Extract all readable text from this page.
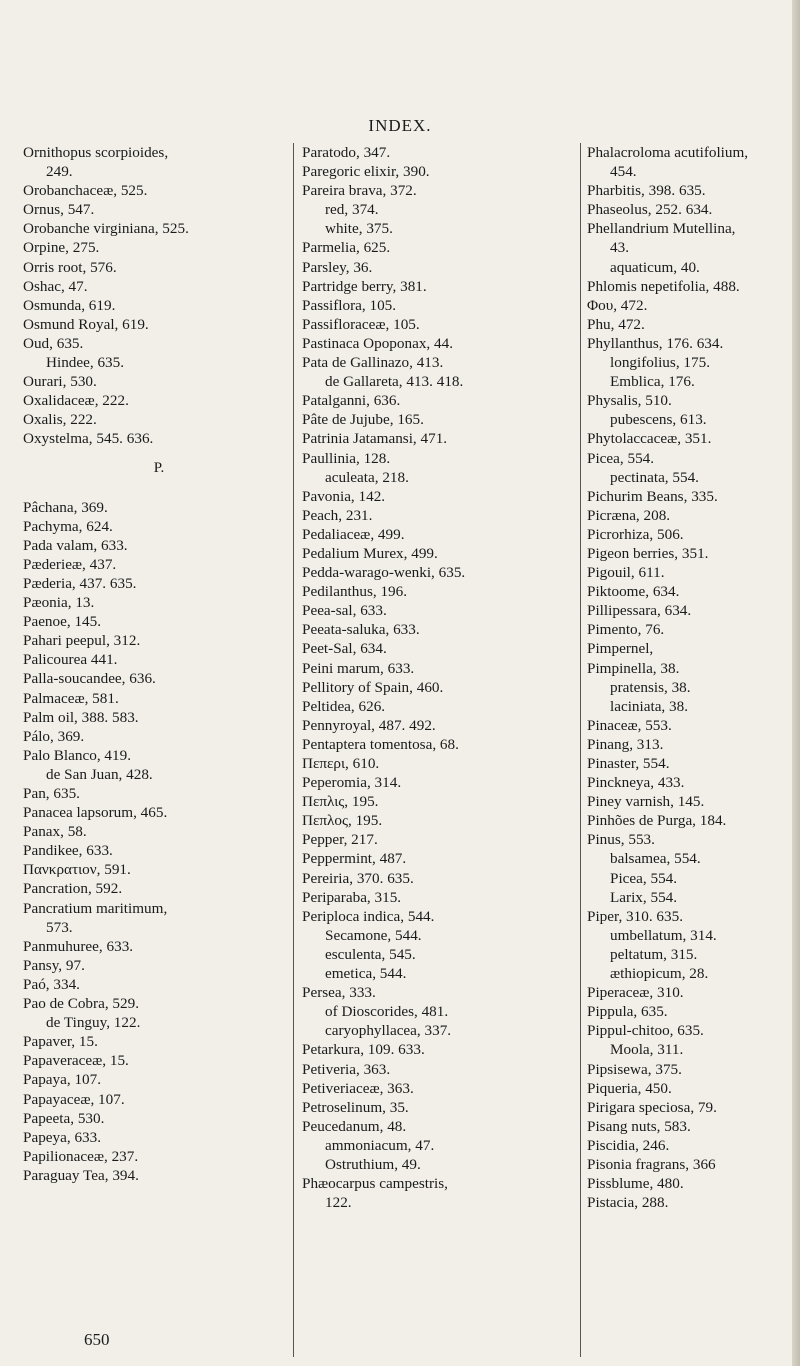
INDEX.
Ornithopus scorpioides,
249.
Orobanchaceæ, 525.
Ornus, 547.
Orobanche virginiana, 525.
Orpine, 275.
Orris root, 576.
Oshac, 47.
Osmunda, 619.
Osmund Royal, 619.
Oud, 635.
Hindee, 635.
Ourari, 530.
Oxalidaceæ, 222.
Oxalis, 222.
Oxystelma, 545. 636.
P.
Pâchana, 369.
Pachyma, 624.
Pada valam, 633.
Pæderieæ, 437.
Pæderia, 437. 635.
Pæonia, 13.
Paenoe, 145.
Pahari peepul, 312.
Palicourea 441.
Palla-soucandee, 636.
Palmaceæ, 581.
Palm oil, 388. 583.
Pálo, 369.
Palo Blanco, 419.
de San Juan, 428.
Pan, 635.
Panacea lapsorum, 465.
Panax, 58.
Pandikee, 633.
Πανκρατιον, 591.
Pancration, 592.
Pancratium maritimum,
573.
Panmuhuree, 633.
Pansy, 97.
Paó, 334.
Pao de Cobra, 529.
de Tinguy, 122.
Papaver, 15.
Papaveraceæ, 15.
Papaya, 107.
Papayaceæ, 107.
Papeeta, 530.
Papeya, 633.
Papilionaceæ, 237.
Paraguay Tea, 394.
Paratodo, 347.
Paregoric elixir, 390.
Pareira brava, 372.
red, 374.
white, 375.
Parmelia, 625.
Parsley, 36.
Partridge berry, 381.
Passiflora, 105.
Passifloraceæ, 105.
Pastinaca Opoponax, 44.
Pata de Gallinazo, 413.
de Gallareta, 413. 418.
Patalganni, 636.
Pâte de Jujube, 165.
Patrinia Jatamansi, 471.
Paullinia, 128.
aculeata, 218.
Pavonia, 142.
Peach, 231.
Pedaliaceæ, 499.
Pedalium Murex, 499.
Pedda-warago-wenki, 635.
Pedilanthus, 196.
Peea-sal, 633.
Peeata-saluka, 633.
Peet-Sal, 634.
Peini marum, 633.
Pellitory of Spain, 460.
Peltidea, 626.
Pennyroyal, 487. 492.
Pentaptera tomentosa, 68.
Πεπερι, 610.
Peperomia, 314.
Πεπλις, 195.
Πεπλος, 195.
Pepper, 217.
Peppermint, 487.
Pereiria, 370. 635.
Periparaba, 315.
Periploca indica, 544.
Secamone, 544.
esculenta, 545.
emetica, 544.
Persea, 333.
of Dioscorides, 481.
caryophyllacea, 337.
Petarkura, 109. 633.
Petiveria, 363.
Petiveriaceæ, 363.
Petroselinum, 35.
Peucedanum, 48.
ammoniacum, 47.
Ostruthium, 49.
Phæocarpus campestris,
122.
Phalacroloma acutifolium,
454.
Pharbitis, 398. 635.
Phaseolus, 252. 634.
Phellandrium Mutellina,
43.
aquaticum, 40.
Phlomis nepetifolia, 488.
Φου, 472.
Phu, 472.
Phyllanthus, 176. 634.
longifolius, 175.
Emblica, 176.
Physalis, 510.
pubescens, 613.
Phytolaccaceæ, 351.
Picea, 554.
pectinata, 554.
Pichurim Beans, 335.
Picræna, 208.
Picrorhiza, 506.
Pigeon berries, 351.
Pigouil, 611.
Piktoome, 634.
Pillipessara, 634.
Pimento, 76.
Pimpernel,
Pimpinella, 38.
pratensis, 38.
laciniata, 38.
Pinaceæ, 553.
Pinang, 313.
Pinaster, 554.
Pinckneya, 433.
Piney varnish, 145.
Pinhões de Purga, 184.
Pinus, 553.
balsamea, 554.
Picea, 554.
Larix, 554.
Piper, 310. 635.
umbellatum, 314.
peltatum, 315.
æthiopicum, 28.
Piperaceæ, 310.
Pippula, 635.
Pippul-chitoo, 635.
Moola, 311.
Pipsisewa, 375.
Piqueria, 450.
Pirigara speciosa, 79.
Pisang nuts, 583.
Piscidia, 246.
Pisonia fragrans, 366
Pissblume, 480.
Pistacia, 288.
650
